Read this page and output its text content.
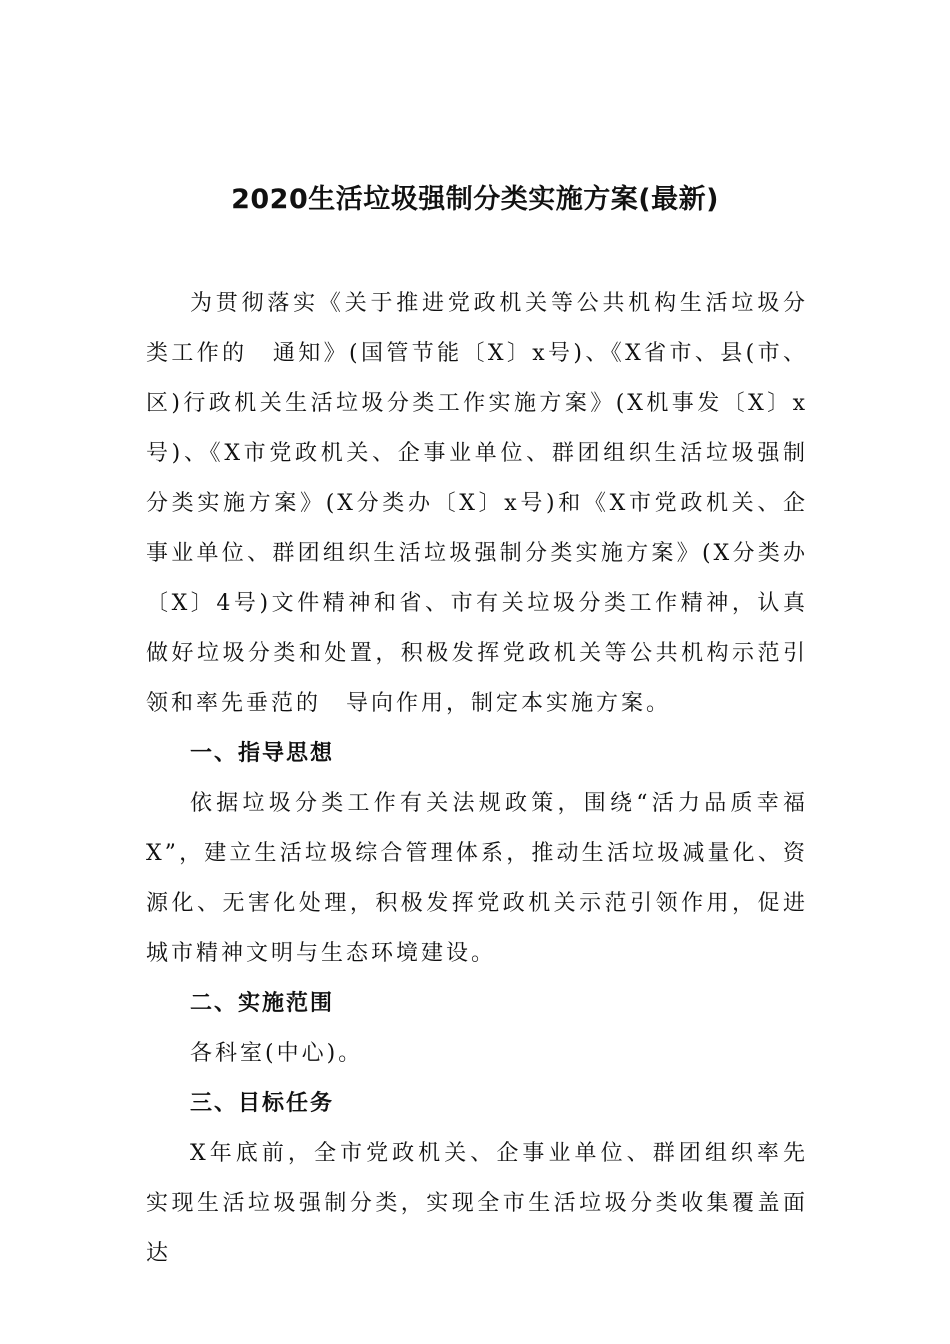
2020生活垃圾强制分类实施方案(最新)

为贯彻落实《关于推进党政机关等公共机构生活垃圾分类工作的　通知》(国管节能〔X〕x号)、《X省市、县(市、区)行政机关生活垃圾分类工作实施方案》(X机事发〔X〕x号)、《X市党政机关、企事业单位、群团组织生活垃圾强制分类实施方案》(X分类办〔X〕x号)和《X市党政机关、企事业单位、群团组织生活垃圾强制分类实施方案》(X分类办〔X〕4号)文件精神和省、市有关垃圾分类工作精神，认真做好垃圾分类和处置，积极发挥党政机关等公共机构示范引领和率先垂范的　导向作用，制定本实施方案。

一、指导思想

依据垃圾分类工作有关法规政策，围绕“活力品质幸福X”，建立生活垃圾综合管理体系，推动生活垃圾减量化、资源化、无害化处理，积极发挥党政机关示范引领作用，促进城市精神文明与生态环境建设。

二、实施范围

各科室(中心)。

三、目标任务

X年底前，全市党政机关、企事业单位、群团组织率先实现生活垃圾强制分类，实现全市生活垃圾分类收集覆盖面达
